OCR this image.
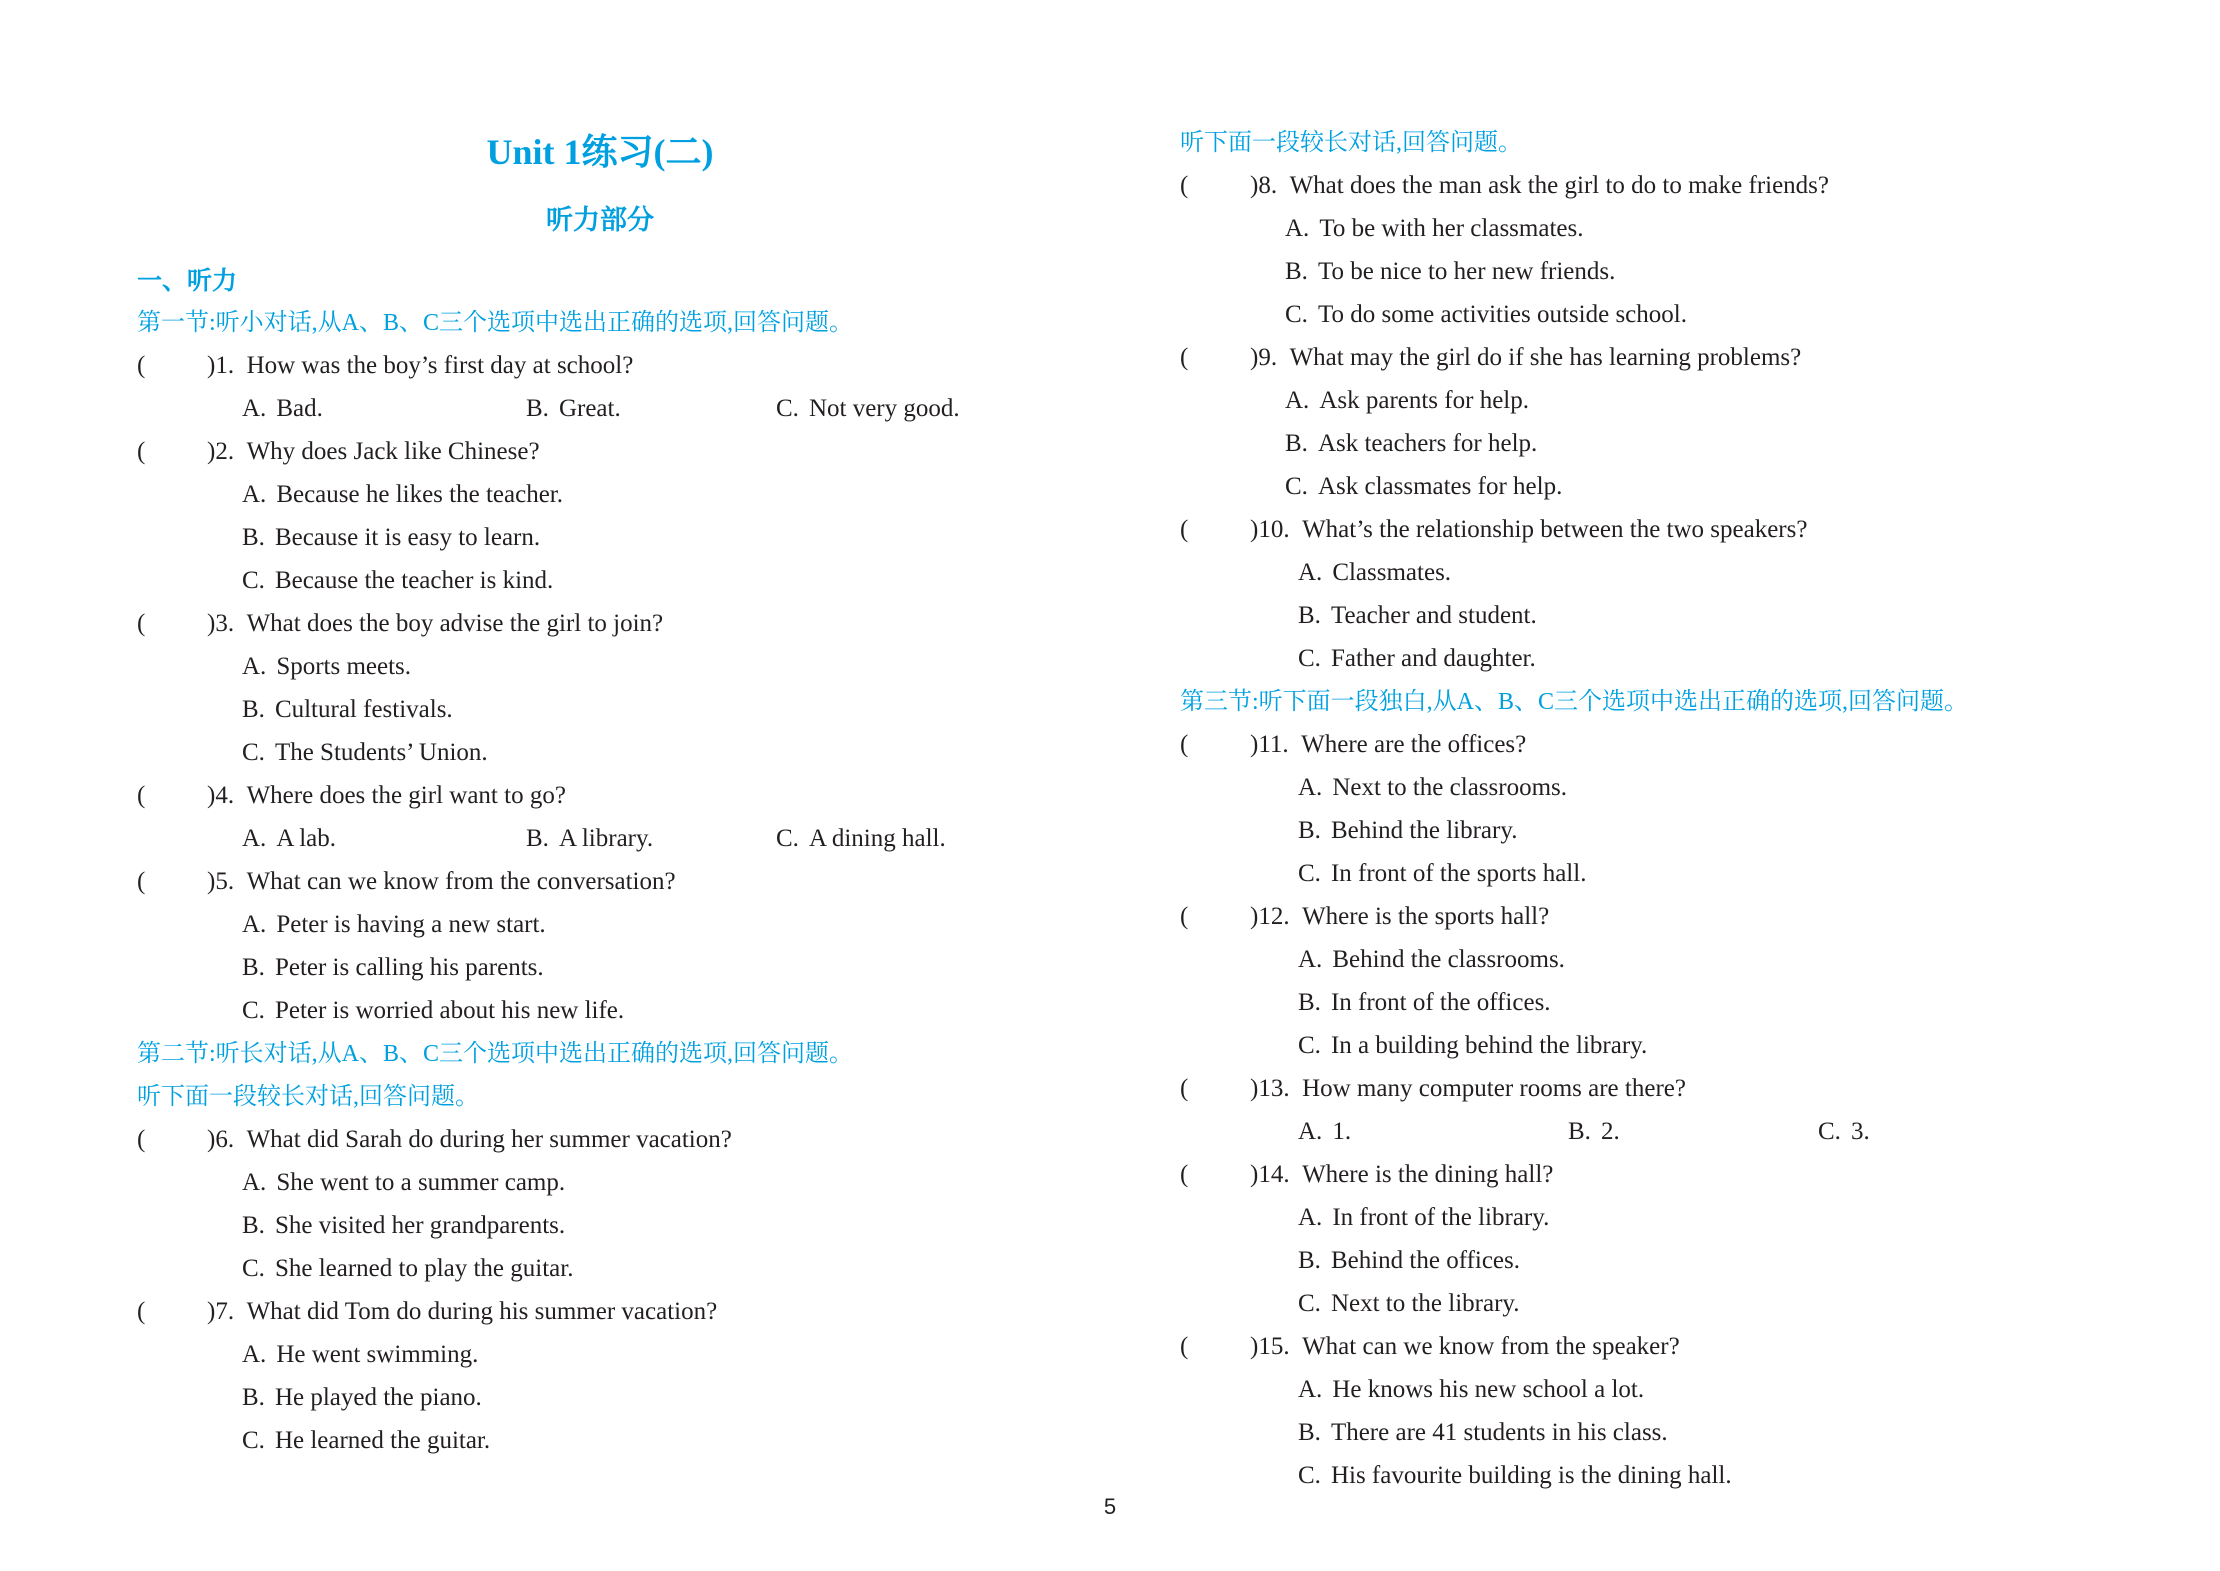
Unit 1练习(二)
听力部分
一、听力
第一节:听小对话,从A、B、C三个选项中选出正确的选项,回答问题。
( )1. How was the boy’s first day at school?
A. Bad.	B. Great.	C. Not very good.
( )2. Why does Jack like Chinese?
A. Because he likes the teacher.
B. Because it is easy to learn.
C. Because the teacher is kind.
( )3. What does the boy advise the girl to join?
A. Sports meets.
B. Cultural festivals.
C. The Students’ Union.
( )4. Where does the girl want to go?
A. A lab.	B. A library.	C. A dining hall.
( )5. What can we know from the conversation?
A. Peter is having a new start.
B. Peter is calling his parents.
C. Peter is worried about his new life.
第二节:听长对话,从A、B、C三个选项中选出正确的选项,回答问题。
听下面一段较长对话,回答问题。
( )6. What did Sarah do during her summer vacation?
A. She went to a summer camp.
B. She visited her grandparents.
C. She learned to play the guitar.
( )7. What did Tom do during his summer vacation?
A. He went swimming.
B. He played the piano.
C. He learned the guitar.
听下面一段较长对话,回答问题。
( )8. What does the man ask the girl to do to make friends?
A. To be with her classmates.
B. To be nice to her new friends.
C. To do some activities outside school.
( )9. What may the girl do if she has learning problems?
A. Ask parents for help.
B. Ask teachers for help.
C. Ask classmates for help.
( )10. What’s the relationship between the two speakers?
A. Classmates.
B. Teacher and student.
C. Father and daughter.
第三节:听下面一段独白,从A、B、C三个选项中选出正确的选项,回答问题。
( )11. Where are the offices?
A. Next to the classrooms.
B. Behind the library.
C. In front of the sports hall.
( )12. Where is the sports hall?
A. Behind the classrooms.
B. In front of the offices.
C. In a building behind the library.
( )13. How many computer rooms are there?
A. 1.	B. 2.	C. 3.
( )14. Where is the dining hall?
A. In front of the library.
B. Behind the offices.
C. Next to the library.
( )15. What can we know from the speaker?
A. He knows his new school a lot.
B. There are 41 students in his class.
C. His favourite building is the dining hall.
5
